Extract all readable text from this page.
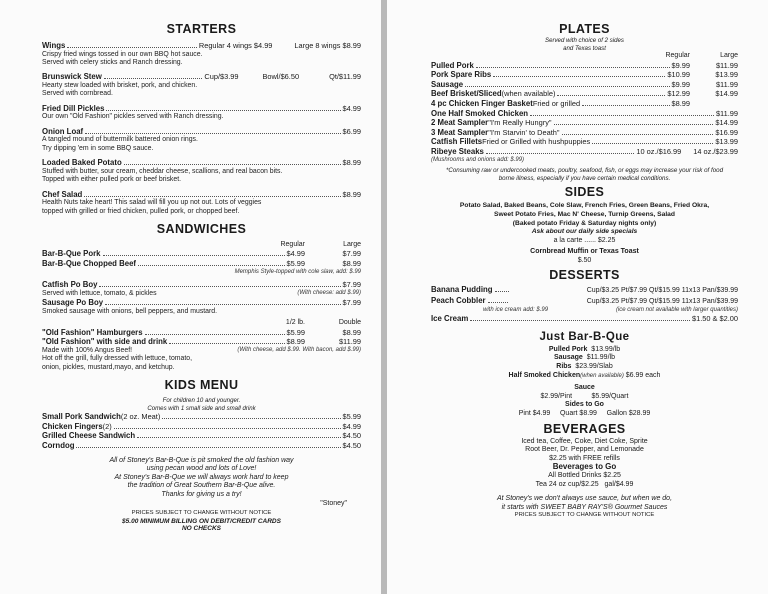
STARTERS
Wings	Regular 4 wings $4.99	Large 8 wings $8.99
Crispy fried wings tossed in our own BBQ hot sauce.
Served with celery sticks and Ranch dressing.
Brunswick Stew	Cup/$3.99	Bowl/$6.50	Qt/$11.99
Hearty stew loaded with brisket, pork, and chicken.
Served with cornbread.
Fried Dill Pickles	$4.99
Our own "Old Fashion" pickles served with Ranch dressing.
Onion Loaf	$6.99
A tangled mound of buttermilk battered onion rings.
Try dipping 'em in some BBQ sauce.
Loaded Baked Potato	$8.99
Stuffed with butter, sour cream, cheddar cheese, scallions, and real bacon bits.
Topped with either pulled pork or beef brisket.
Chef Salad	$8.99
Health Nuts take heart! This salad will fill you up not out. Lots of veggies
topped with grilled or fried chicken, pulled pork, or chopped beef.
SANDWICHES
Regular	Large
Bar-B-Que Pork	$4.99	$7.99
Bar-B-Que Chopped Beef	$5.99	$8.99
Memphis Style-topped with cole slaw, add: $.99
Catfish Po Boy	$7.99
Served with lettuce, tomato, & pickles	(With cheese: add $.99)
Sausage Po Boy	$7.99
Smoked sausage with onions, bell peppers, and mustard.
1/2 lb.	Double
"Old Fashion" Hamburgers	$5.99	$8.99
"Old Fashion" with side and drink	$8.99	$11.99
Made with 100% Angus Beef!	(With cheese, add $.99. With bacon, add $.99)
Hot off the grill, fully dressed with lettuce, tomato,
onion, pickles, mustard,mayo, and ketchup.
KIDS MENU
For children 10 and younger.
Comes with 1 small side and small drink
Small Pork Sandwich (2 oz. Meat)	$5.99
Chicken Fingers (2)	$4.99
Grilled Cheese Sandwich	$4.50
Corndog	$4.50
All of Stoney's Bar-B-Que is pit smoked the old fashion way
using pecan wood and lots of Love!
At Stoney's Bar-B-Que we will always work hard to keep
the tradition of Great Southern Bar-B-Que alive.
Thanks for giving us a try!
"Stoney"
PRICES SUBJECT TO CHANGE WITHOUT NOTICE
$5.00 MINIMUM BILLING ON DEBIT/CREDIT CARDS
NO CHECKS
PLATES
Served with choice of 2 sides
and Texas toast
Regular	Large
Pulled Pork	$9.99	$11.99
Pork Spare Ribs	$10.99	$13.99
Sausage	$9.99	$11.99
Beef Brisket/Sliced (when available)	$12.99	$14.99
4 pc Chicken Finger Basket Fried or grilled	$8.99
One Half Smoked Chicken	$11.99
2 Meat Sampler "I'm Really Hungry"	$14.99
3 Meat Sampler "I'm Starvin' to Death"	$16.99
Catfish Fillets Fried or Grilled with hushpuppies	$13.99
Ribeye Steaks	10 oz./$16.99 14 oz./$23.99
(Mushrooms and onions add: $.99)
*Consuming raw or undercooked meats, poultry, seafood, fish, or eggs may increase your risk of food
borne illness, especially if you have certain medical conditions.
SIDES
Potato Salad, Baked Beans, Cole Slaw, French Fries, Green Beans, Fried Okra,
Sweet Potato Fries, Mac N' Cheese, Turnip Greens, Salad
(Baked potato Friday & Saturday nights only)
Ask about our daily side specials
a la carte ...... $2.25
Cornbread Muffin or Texas Toast
$.50
DESSERTS
Banana Pudding	Cup/$3.25 Pt/$7.99 Qt/$15.99 11x13 Pan/$39.99
Peach Cobbler	Cup/$3.25 Pt/$7.99 Qt/$15.99 11x13 Pan/$39.99
with ice cream add: $.99	(ice cream not available with larger quantities)
Ice Cream	$1.50 & $2.00
Just Bar-B-Que
Pulled Pork $13.99/lb
Sausage $11.99/lb
Ribs $23.99/Slab
Half Smoked Chicken(when available) $6.99 each
Sauce
$2.99/Pint          $5.99/Quart
Sides to Go
Pint $4.99     Quart $8.99     Gallon $28.99
BEVERAGES
Iced tea, Coffee, Coke, Diet Coke, Sprite
Root Beer, Dr. Pepper, and Lemonade
$2.25 with FREE refills
Beverages to Go
All Bottled Drinks $2.25
Tea 24 oz cup/$2.25   gal/$4.99
At Stoney's we don't always use sauce, but when we do,
it starts with SWEET BABY RAY'S® Gourmet Sauces
PRICES SUBJECT TO CHANGE WITHOUT NOTICE
